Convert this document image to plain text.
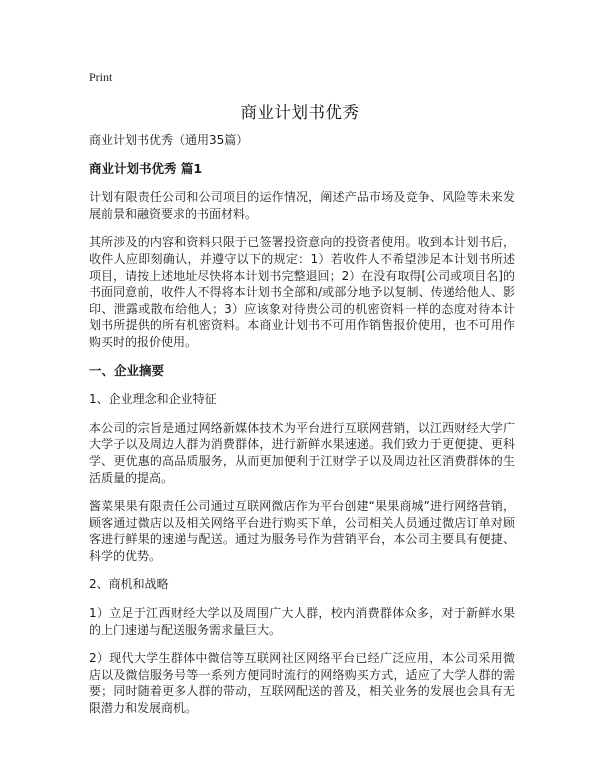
Print
商业计划书优秀

商业计划书优秀（通用35篇）

商业计划书优秀 篇1

计划有限责任公司和公司项目的运作情况，阐述产品市场及竞争、风险等未来发展前景和融资要求的书面材料。

其所涉及的内容和资料只限于已签署投资意向的投资者使用。收到本计划书后，收件人应即刻确认，并遵守以下的规定：1）若收件人不希望涉足本计划书所述项目，请按上述地址尽快将本计划书完整退回；2）在没有取得[公司或项目名]的书面同意前，收件人不得将本计划书全部和/或部分地予以复制、传递给他人、影印、泄露或散布给他人；3）应该象对待贵公司的机密资料一样的态度对待本计划书所提供的所有机密资料。本商业计划书不可用作销售报价使用，也不可用作购买时的报价使用。

一、企业摘要

1、企业理念和企业特征

本公司的宗旨是通过网络新媒体技术为平台进行互联网营销，以江西财经大学广大学子以及周边人群为消费群体，进行新鲜水果速递。我们致力于更便捷、更科学、更优惠的高品质服务，从而更加便利于江财学子以及周边社区消费群体的生活质量的提高。

酱菜果果有限责任公司通过互联网微店作为平台创建“果果商城”进行网络营销，顾客通过微店以及相关网络平台进行购买下单，公司相关人员通过微店订单对顾客进行鲜果的速递与配送。通过为服务号作为营销平台，本公司主要具有便捷、科学的优势。

2、商机和战略

1）立足于江西财经大学以及周围广大人群，校内消费群体众多，对于新鲜水果的上门速递与配送服务需求量巨大。

2）现代大学生群体中微信等互联网社区网络平台已经广泛应用，本公司采用微店以及微信服务号等一系列方便同时流行的网络购买方式，适应了大学人群的需要；同时随着更多人群的带动，互联网配送的普及，相关业务的发展也会具有无限潜力和发展商机。
